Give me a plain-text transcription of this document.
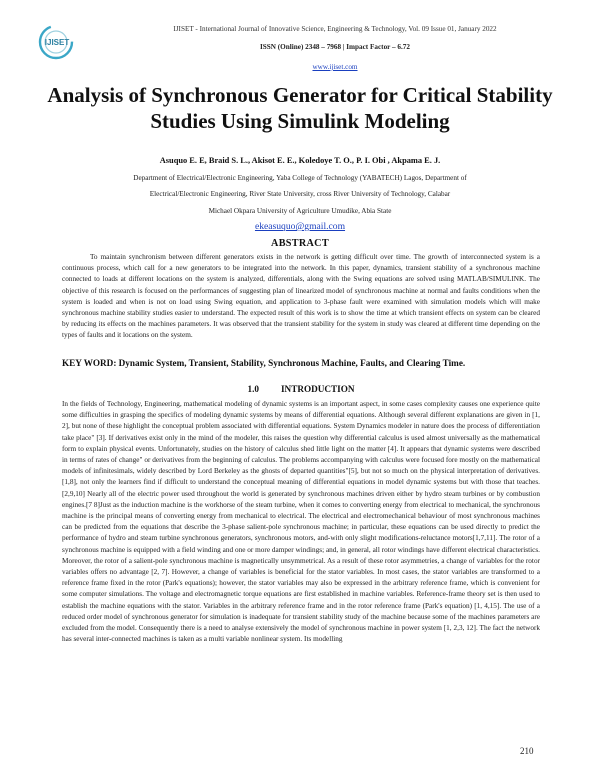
IJISET
IJISET - International Journal of Innovative Science, Engineering & Technology, Vol. 09 Issue 01, January 2022
ISSN (Online) 2348 – 7968 | Impact Factor – 6.72
www.ijiset.com
Analysis of Synchronous Generator for Critical Stability Studies Using Simulink Modeling
Asuquo E. E, Braid S. L., Akisot E. E., Koledoye T. O., P. I. Obi , Akpama E. J.
Department of Electrical/Electronic Engineering, Yaba College of Technology (YABATECH) Lagos, Department of
Electrical/Electronic Engineering, River State University, cross River University of Technology, Calabar
Michael Okpara University of Agriculture Umudike, Abia State
ekeasuquo@gmail.com
ABSTRACT
To maintain synchronism between different generators exists in the network is getting difficult over time. The growth of interconnected system is a continuous process, which call for a new generators to be integrated into the network. In this paper, dynamics, transient stability of a synchronous machine connected to loads at different locations on the system is analyzed, differentials, along with the Swing equations are solved using MATLAB/SIMULINK. The objective of this research is focused on the performances of suggesting plan of linearized model of synchronous machine at normal and faults conditions when the system is loaded and when is not on load using Swing equation, and application to 3-phase fault were examined with simulation models which will make synchronous machine stability studies easier to understand. The expected result of this work is to show the time at which transient effects on system can be cleared by reducing its effects on the machines parameters. It was observed that the transient stability for the system in study was cleared at different time depending on the types of faults and it locations on the system.
KEY WORD: Dynamic System, Transient, Stability, Synchronous Machine, Faults, and Clearing Time.
1.0 INTRODUCTION
In the fields of Technology, Engineering, mathematical modeling of dynamic systems is an important aspect, in some cases complexity causes one experience quite some difficulties in grasping the specifics of modeling dynamic systems by means of differential equations. Although several different explanations are given in [1, 2], but none of these highlight the conceptual problem associated with differential equations. System Dynamics modeler in nature does the process of differentiation take place" [3]. If derivatives exist only in the mind of the modeler, this raises the question why differential calculus is used almost universally as the mathematical form to explain physical events. Unfortunately, studies on the history of calculus shed little light on the matter [4]. It appears that dynamic systems were described in terms of rates of change" or derivatives from the beginning of calculus. The problems accompanying with calculus were focused fore mostly on the mathematical models of infinitesimals, widely described by Lord Berkeley as the ghosts of departed quantities"[5], but not so much on the physical interpretation of derivatives.[1,8], not only the learners find if difficult to understand the conceptual meaning of differential equations in model dynamic systems but with those that teaches. [2,9,10] Nearly all of the electric power used throughout the world is generated by synchronous machines driven either by hydro steam turbines or by combustion engines.[7 8]Just as the induction machine is the workhorse of the steam turbine, when it comes to converting energy from electrical to mechanical, the synchronous machine is the principal means of converting energy from mechanical to electrical. The electrical and electromechanical behaviour of most synchronous machines can be predicted from the equations that describe the 3-phase salient-pole synchronous machine; in particular, these equations can be used directly to predict the performance of hydro and steam turbine synchronous generators, synchronous motors, and-with only slight modifications-reluctance motors[1,7,11]. The rotor of a synchronous machine is equipped with a field winding and one or more damper windings; and, in general, all rotor windings have different electrical characteristics. Moreover, the rotor of a salient-pole synchronous machine is magnetically unsymmetrical. As a result of these rotor asymmetries, a change of variables for the rotor variables offers no advantage [2, 7]. However, a change of variables is beneficial for the stator variables. In most cases, the stator variables are transformed to a reference frame fixed in the rotor (Park's equations); however, the stator variables may also be expressed in the arbitrary reference frame, which is convenient for some computer simulations. The voltage and electromagnetic torque equations are first established in machine variables. Reference-frame theory set is then used to establish the machine equations with the stator. Variables in the arbitrary reference frame and in the rotor reference frame (Park's equation) [1, 4,15]. The use of a reduced order model of synchronous generator for simulation is inadequate for transient stability study of the machine because some of the machines parameters are excluded from the model. Consequently there is a need to analyse extensively the model of synchronous machine in power system [1, 2,3, 12]. The fact the network has several inter-connected machines is taken as a multi variable nonlinear system. Its modelling
210
